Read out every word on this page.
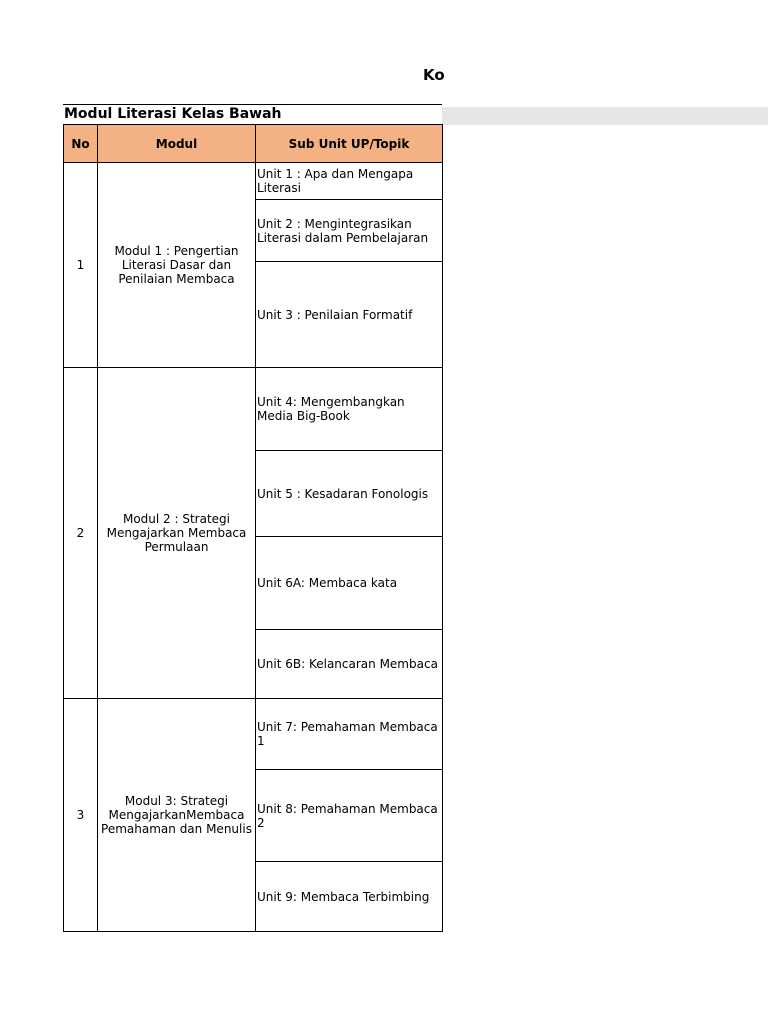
Ko
Modul Literasi Kelas Bawah
No	Modul	Sub Unit UP/Topik
1	Modul 1 : Pengertian Literasi Dasar dan Penilaian Membaca	Unit 1 : Apa dan Mengapa Literasi
		Unit 2 : Mengintegrasikan Literasi dalam Pembelajaran
		Unit 3 : Penilaian Formatif
2	Modul 2 : Strategi Mengajarkan Membaca Permulaan	Unit 4: Mengembangkan Media Big-Book
		Unit 5 : Kesadaran Fonologis
		Unit 6A: Membaca kata
		Unit 6B: Kelancaran Membaca
3	Modul 3: Strategi MengajarkanMembaca Pemahaman dan Menulis	Unit 7: Pemahaman Membaca 1
		Unit 8: Pemahaman Membaca 2
		Unit 9: Membaca Terbimbing
